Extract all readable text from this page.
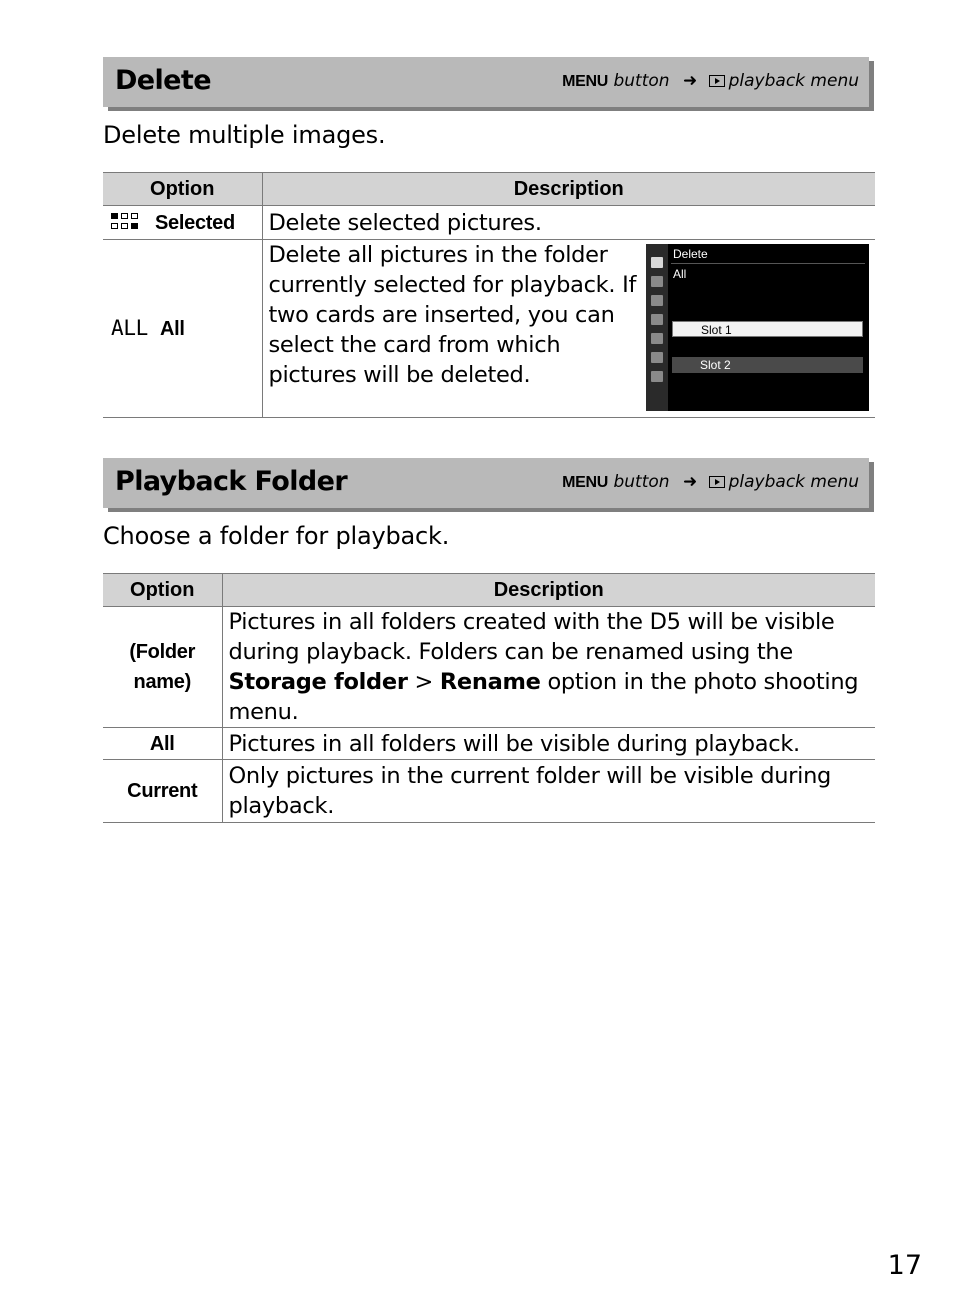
Delete	MENU button ➜ playback menu
Delete multiple images.
Option	Description

Selected	Delete selected pictures.
ALL All	Delete all pictures in the folder
currently selected for playback. If
two cards are inserted, you can
select the card from which
pictures will be deleted.
Delete
All
Slot 1
Slot 2
Playback Folder	MENU button ➜ playback menu
Choose a folder for playback.
Option	Description

(Folder
name)	Pictures in all folders created with the D5 will be visible during playback. Folders can be renamed using the Storage folder > Rename option in the photo shooting menu.
All	Pictures in all folders will be visible during playback.
Current	Only pictures in the current folder will be visible during playback.
17
